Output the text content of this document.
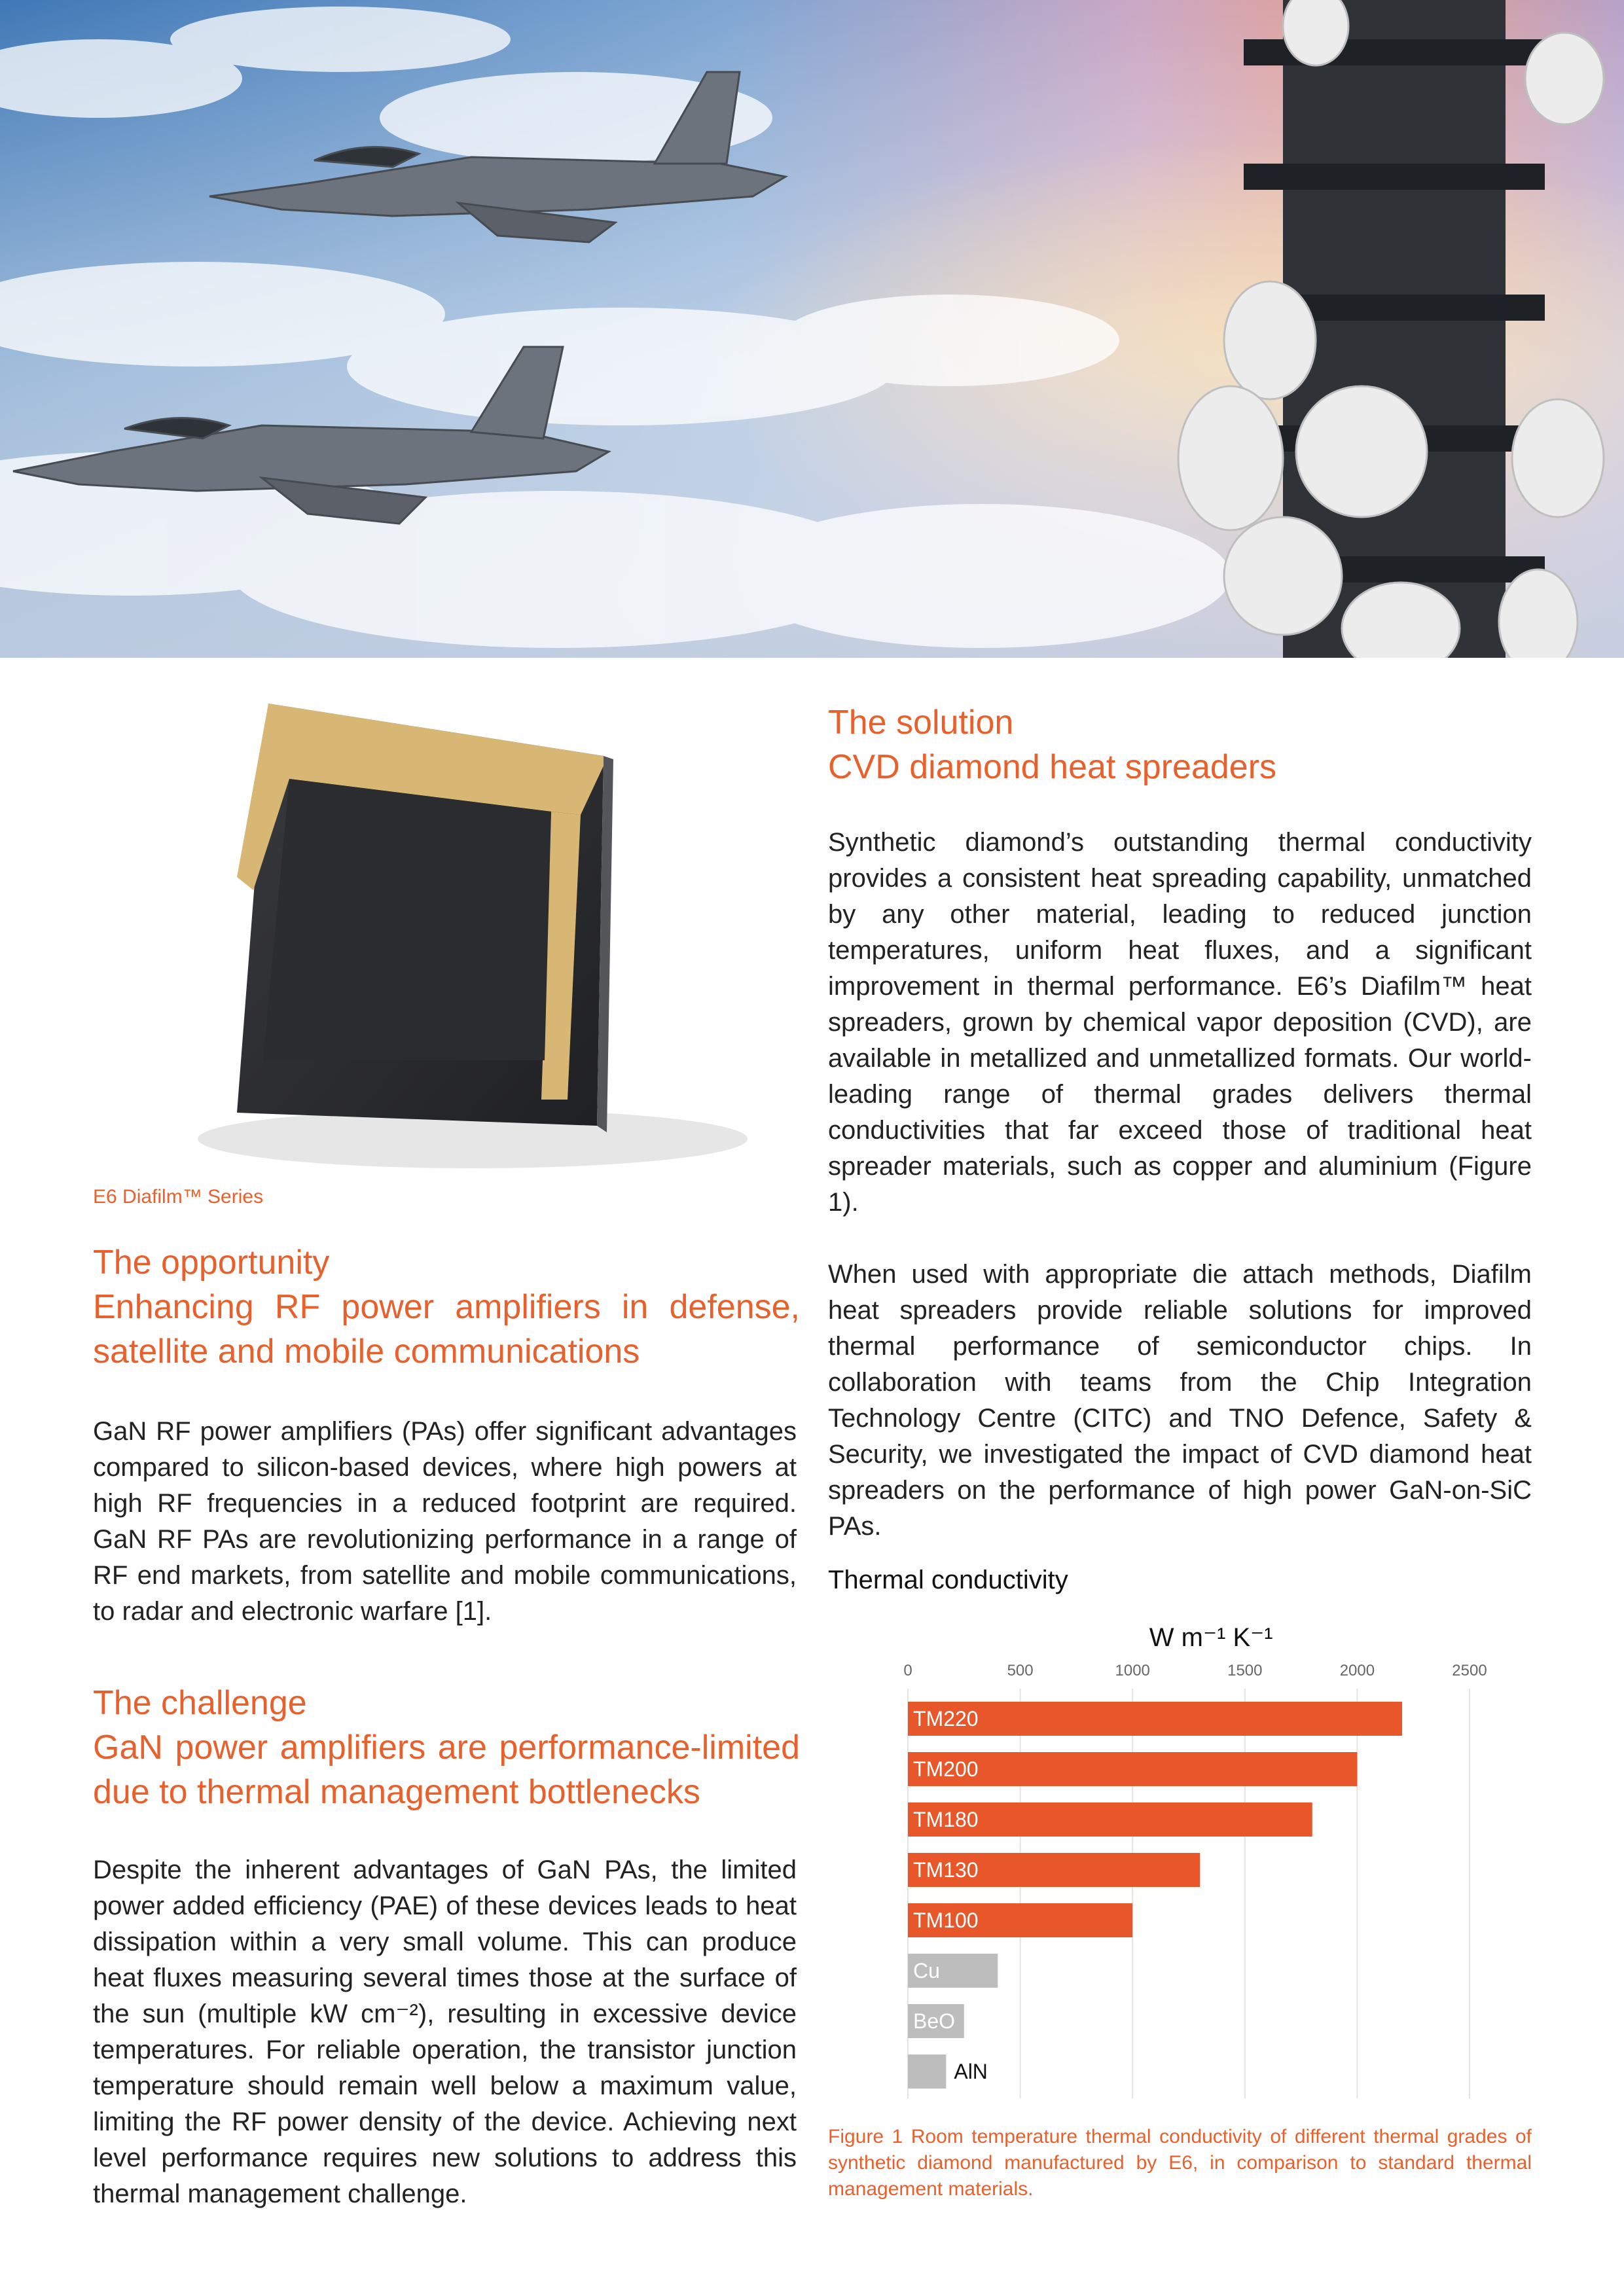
E6 Diafilm™ Series
The opportunity
Enhancing RF power amplifiers in defense, satellite and mobile communications
GaN RF power amplifiers (PAs) offer significant advantages compared to silicon-based devices, where high powers at high RF frequencies in a reduced footprint are required. GaN RF PAs are revolutionizing performance in a range of RF end markets, from satellite and mobile communications, to radar and electronic warfare [1].
The challenge
GaN power amplifiers are performance-limited due to thermal management bottlenecks
Despite the inherent advantages of GaN PAs, the limited power added efficiency (PAE) of these devices leads to heat dissipation within a very small volume. This can produce heat fluxes measuring several times those at the surface of the sun (multiple kW cm⁻²), resulting in excessive device temperatures. For reliable operation, the transistor junction temperature should remain well below a maximum value, limiting the RF power density of the device. Achieving next level performance requires new solutions to address this thermal management challenge.
The solution
CVD diamond heat spreaders
Synthetic diamond’s outstanding thermal conductivity provides a consistent heat spreading capability, unmatched by any other material, leading to reduced junction temperatures, uniform heat fluxes, and a significant improvement in thermal performance. E6’s Diafilm™ heat spreaders, grown by chemical vapor deposition (CVD), are available in metallized and unmetallized formats. Our world-leading range of thermal grades delivers thermal conductivities that far exceed those of traditional heat spreader materials, such as copper and aluminium (Figure 1).
When used with appropriate die attach methods, Diafilm heat spreaders provide reliable solutions for improved thermal performance of semiconductor chips. In collaboration with teams from the Chip Integration Technology Centre (CITC) and TNO Defence, Safety & Security, we investigated the impact of CVD diamond heat spreaders on the performance of high power GaN-on-SiC PAs.
Thermal conductivity
W m⁻¹ K⁻¹
0	500	1000	1500	2000	2500
TM220
TM200
TM180
TM130
TM100
Cu
BeO
AlN
Figure 1 Room temperature thermal conductivity of different thermal grades of synthetic diamond manufactured by E6, in comparison to standard thermal management materials.
